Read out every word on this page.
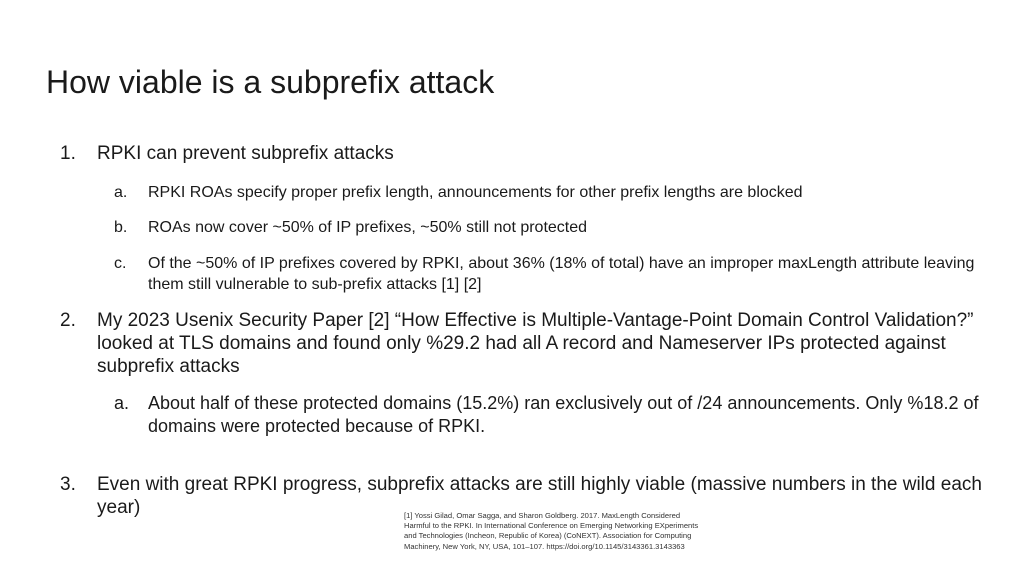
How viable is a subprefix attack
1.	RPKI can prevent subprefix attacks
a.	RPKI ROAs specify proper prefix length, announcements for other prefix lengths are blocked
b.	ROAs now cover ~50% of IP prefixes, ~50% still not protected
c.	Of the ~50% of IP prefixes covered by RPKI, about 36% (18% of total) have an improper maxLength attribute leaving them still vulnerable to sub-prefix attacks [1] [2]
2.	My 2023 Usenix Security Paper [2] “How Effective is Multiple-Vantage-Point Domain Control Validation?” looked at TLS domains and found only %29.2 had all A record and Nameserver IPs protected against subprefix attacks
a.	About half of these protected domains (15.2%) ran exclusively out of /24 announcements. Only %18.2 of domains were protected because of RPKI.
3.	Even with great RPKI progress, subprefix attacks are still highly viable (massive numbers in the wild each year)	[1] Yossi Gilad, Omar Sagga, and Sharon Goldberg. 2017. MaxLength Considered Harmful to the RPKI. In International Conference on Emerging Networking EXperiments and Technologies (Incheon, Republic of Korea) (CoNEXT). Association for Computing Machinery, New York, NY, USA, 101–107. https://doi.org/10.1145/3143361.3143363
